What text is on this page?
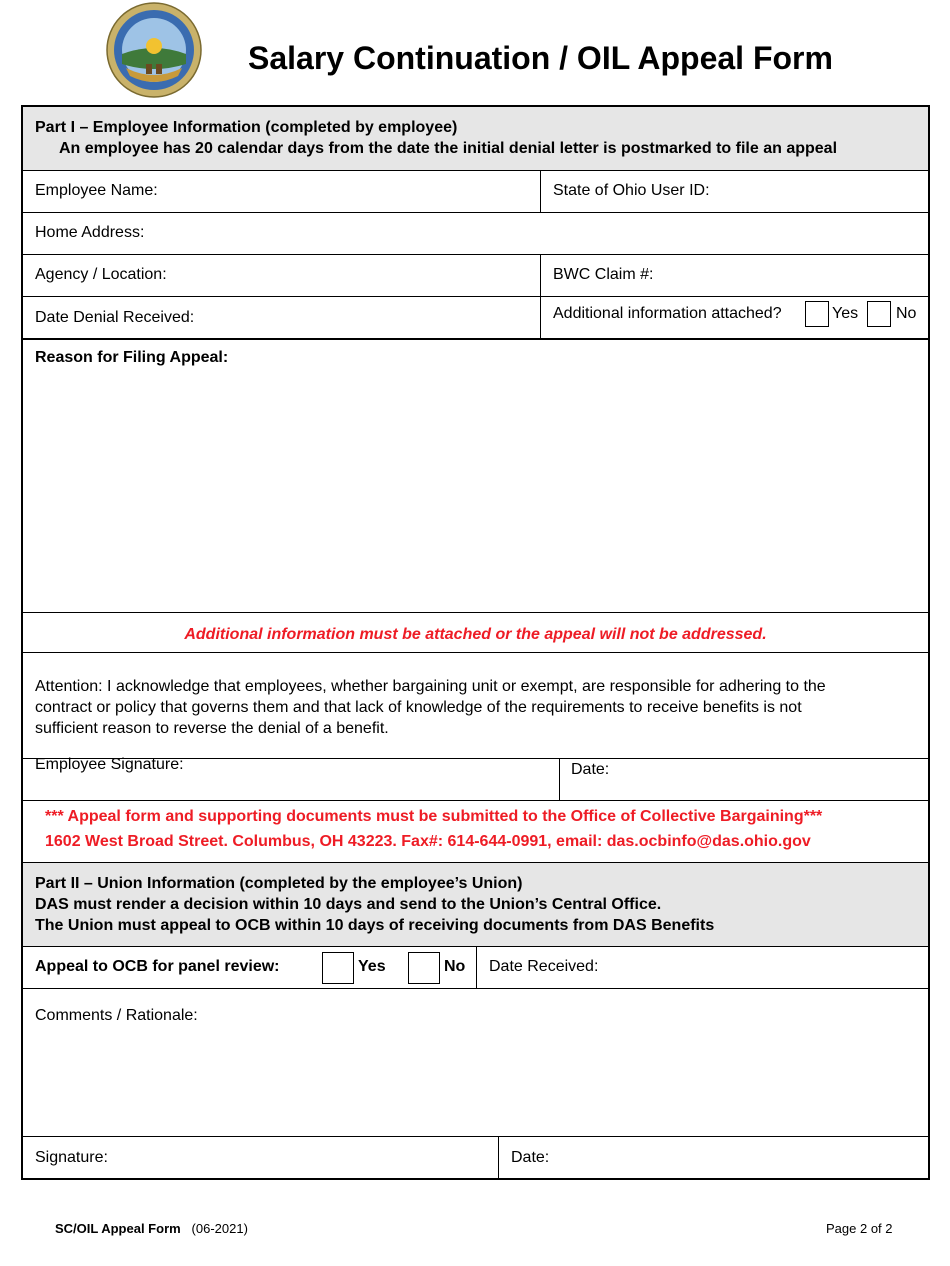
Salary Continuation / OIL Appeal Form
Part I – Employee Information (completed by employee)
An employee has 20 calendar days from the date the initial denial letter is postmarked to file an appeal
Employee Name:	State of Ohio User ID:
Home Address:
Agency / Location:	BWC Claim #:
Date Denial Received:	Additional information attached?	Yes No
Reason for Filing Appeal:
Additional information must be attached or the appeal will not be addressed.
Attention: I acknowledge that employees, whether bargaining unit or exempt, are responsible for adhering to the
contract or policy that governs them and that lack of knowledge of the requirements to receive benefits is not
sufficient reason to reverse the denial of a benefit.
Employee Signature:	Date:
*** Appeal form and supporting documents must be submitted to the Office of Collective Bargaining***
1602 West Broad Street. Columbus, OH 43223. Fax#: 614-644-0991, email: das.ocbinfo@das.ohio.gov
Part II – Union Information (completed by the employee’s Union)
DAS must render a decision within 10 days and send to the Union’s Central Office.
The Union must appeal to OCB within 10 days of receiving documents from DAS Benefits
Appeal to OCB for panel review:	Yes	No Date Received:
Comments / Rationale:
Signature:	Date:
SC/OIL Appeal Form (06-2021)	Page 2 of 2
